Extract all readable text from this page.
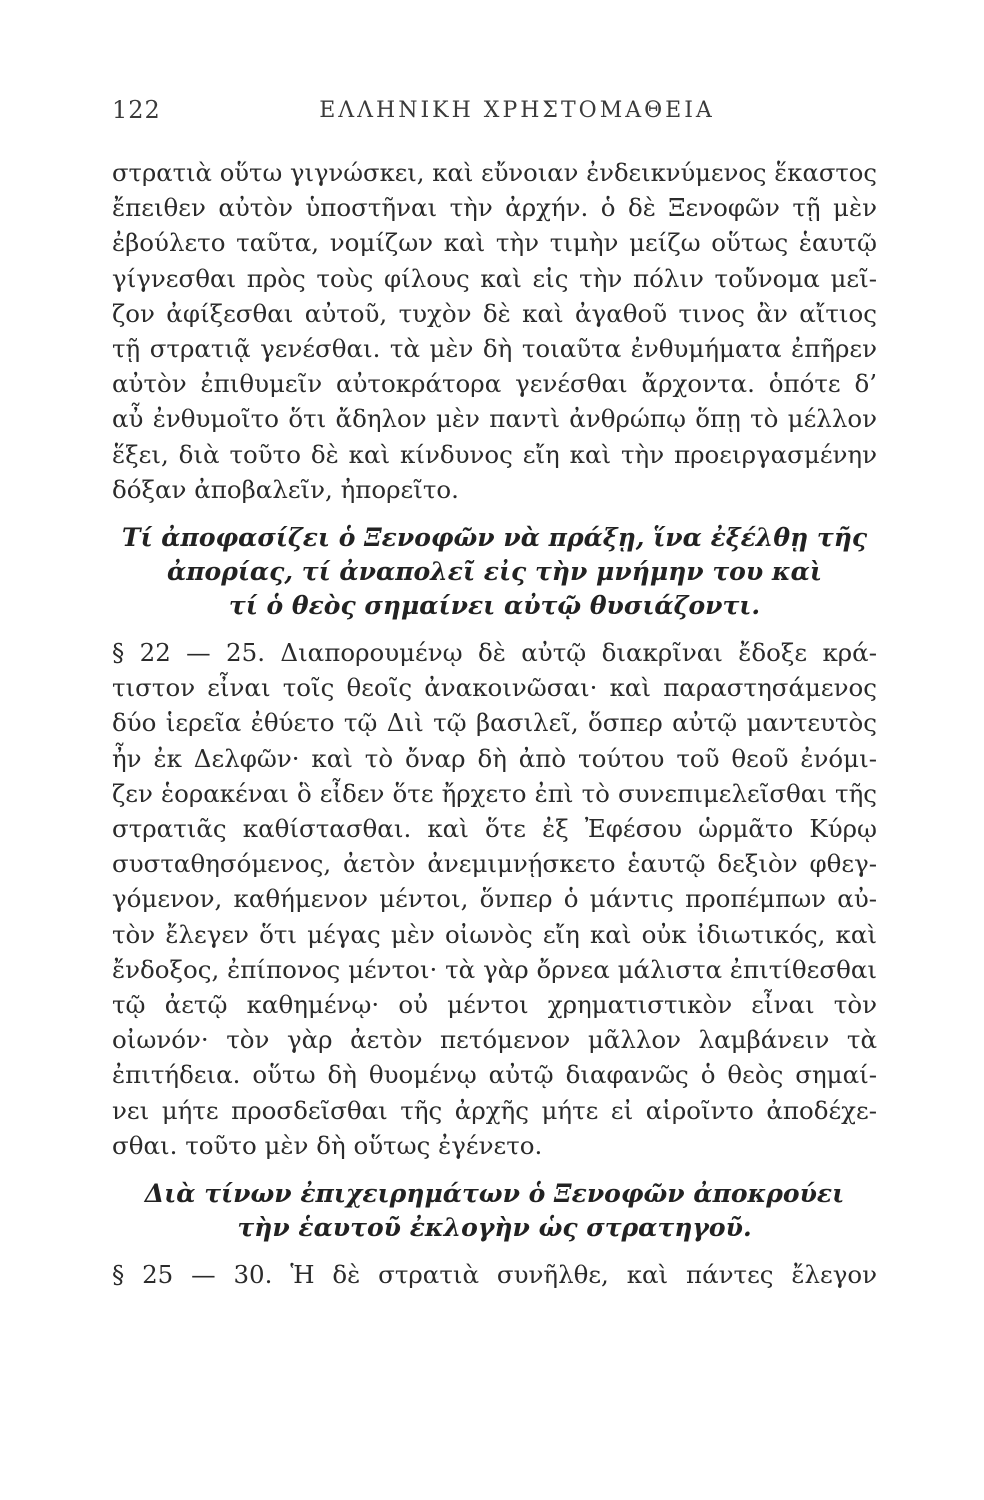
122	ΕΛΛΗΝΙΚΗ ΧΡΗΣΤΟΜΑΘΕΙΑ

στρατιὰ οὕτω γιγνώσκει, καὶ εὔνοιαν ἐνδεικνύμενος ἕκαστος
ἔπειθεν αὐτὸν ὑποστῆναι τὴν ἀρχήν. ὁ δὲ Ξενοφῶν τῇ μὲν
ἐβούλετο ταῦτα, νομίζων καὶ τὴν τιμὴν μείζω οὕτως ἑαυτῷ
γίγνεσθαι πρὸς τοὺς φίλους καὶ εἰς τὴν πόλιν τοὔνομα μεῖ-
ζον ἀφίξεσθαι αὐτοῦ, τυχὸν δὲ καὶ ἀγαθοῦ τινος ἂν αἴτιος
τῇ στρατιᾷ γενέσθαι. τὰ μὲν δὴ τοιαῦτα ἐνθυμήματα ἐπῆρεν
αὐτὸν ἐπιθυμεῖν αὐτοκράτορα γενέσθαι ἄρχοντα. ὁπότε δ’
αὖ ἐνθυμοῖτο ὅτι ἄδηλον μὲν παντὶ ἀνθρώπῳ ὅπῃ τὸ μέλλον
ἕξει, διὰ τοῦτο δὲ καὶ κίνδυνος εἴη καὶ τὴν προειργασμένην
δόξαν ἀποβαλεῖν, ἠπορεῖτο.

Τί ἀποφασίζει ὁ Ξενοφῶν νὰ πράξῃ, ἵνα ἐξέλθῃ τῆς
ἀπορίας, τί ἀναπολεῖ εἰς τὴν μνήμην του καὶ
τί ὁ θεὸς σημαίνει αὐτῷ θυσιάζοντι.

§ 22 — 25. Διαπορουμένῳ δὲ αὐτῷ διακρῖναι ἔδοξε κρά-
τιστον εἶναι τοῖς θεοῖς ἀνακοινῶσαι· καὶ παραστησάμενος
δύο ἱερεῖα ἐθύετο τῷ Διὶ τῷ βασιλεῖ, ὅσπερ αὐτῷ μαντευτὸς
ἦν ἐκ Δελφῶν· καὶ τὸ ὄναρ δὴ ἀπὸ τούτου τοῦ θεοῦ ἐνόμι-
ζεν ἑορακέναι ὃ εἶδεν ὅτε ἤρχετο ἐπὶ τὸ συνεπιμελεῖσθαι τῆς
στρατιᾶς καθίστασθαι. καὶ ὅτε ἐξ Ἐφέσου ὡρμᾶτο Κύρῳ
συσταθησόμενος, ἀετὸν ἀνεμιμνῄσκετο ἑαυτῷ δεξιὸν φθεγ-
γόμενον, καθήμενον μέντοι, ὅνπερ ὁ μάντις προπέμπων αὐ-
τὸν ἔλεγεν ὅτι μέγας μὲν οἰωνὸς εἴη καὶ οὐκ ἰδιωτικός, καὶ
ἔνδοξος, ἐπίπονος μέντοι· τὰ γὰρ ὄρνεα μάλιστα ἐπιτίθεσθαι
τῷ ἀετῷ καθημένῳ· οὐ μέντοι χρηματιστικὸν εἶναι τὸν
οἰωνόν· τὸν γὰρ ἀετὸν πετόμενον μᾶλλον λαμβάνειν τὰ
ἐπιτήδεια. οὕτω δὴ θυομένῳ αὐτῷ διαφανῶς ὁ θεὸς σημαί-
νει μήτε προσδεῖσθαι τῆς ἀρχῆς μήτε εἰ αἱροῖντο ἀποδέχε-
σθαι. τοῦτο μὲν δὴ οὕτως ἐγένετο.

Διὰ τίνων ἐπιχειρημάτων ὁ Ξενοφῶν ἀποκρούει
τὴν ἑαυτοῦ ἐκλογὴν ὡς στρατηγοῦ.

§ 25 — 30. Ἡ δὲ στρατιὰ συνῆλθε, καὶ πάντες ἔλεγον
